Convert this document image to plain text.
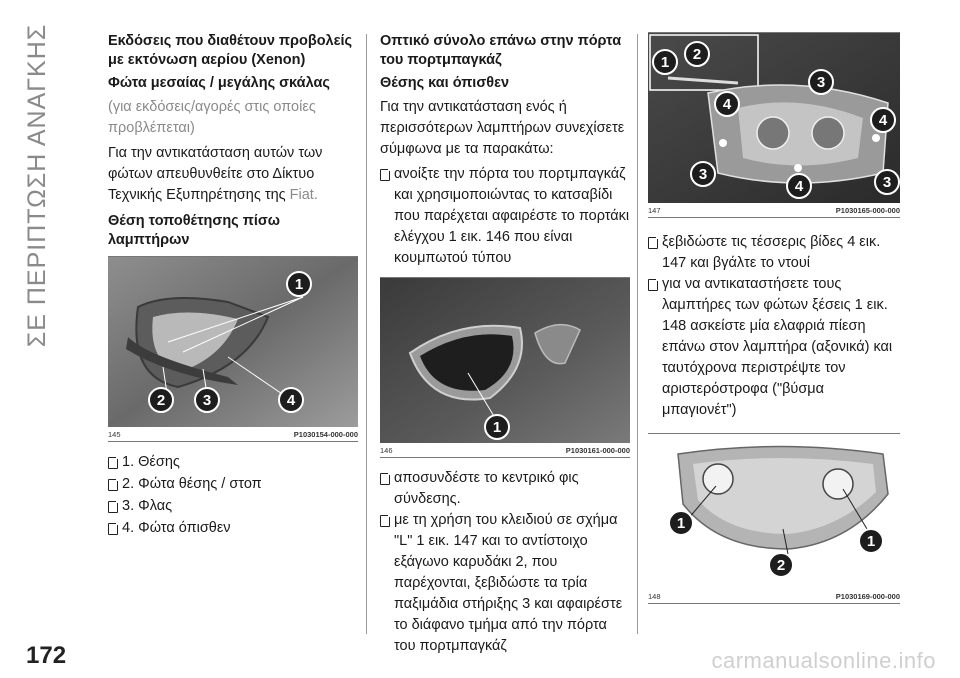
ΣΕ ΠΕΡΙΠΤΩΣΗ ΑΝΑΓΚΗΣ	Εκδόσεις που διαθέτουν προβολείς με εκτόνωση αερίου (Xenon)
Φώτα μεσαίας / μεγάλης σκάλας

(για εκδόσεις/αγορές στις οποίες προβλέπεται)

Για την αντικατάσταση αυτών των φώτων απευθυνθείτε στο Δίκτυο Τεχνικής Εξυπηρέτησης της Fiat.

Θέση τοποθέτησης πίσω λαμπτήρων
1
2	3	4
145	P1030154-000-000
1. Θέσης
2. Φώτα θέσης / στοπ
3. Φλας
4. Φώτα όπισθεν
Οπτικό σύνολο επάνω στην πόρτα του πορτμπαγκάζ
Θέσης και όπισθεν

Για την αντικατάσταση ενός ή περισσότερων λαμπτήρων συνεχίσετε σύμφωνα με τα παρακάτω:

ανοίξτε την πόρτα του πορτμπαγκάζ και χρησιμοποιώντας το κατσαβίδι που παρέχεται αφαιρέστε το πορτάκι ελέγχου 1 εικ. 146 που είναι κουμπωτού τύπου
1
146	P1030161-000-000
αποσυνδέστε το κεντρικό φις σύνδεσης.
με τη χρήση του κλειδιού σε σχήμα "L" 1 εικ. 147 και το αντίστοιχο εξάγωνο καρυδάκι 2, που παρέχονται, ξεβιδώστε τα τρία παξιμάδια στήριξης 3 και αφαιρέστε το διάφανο τμήμα από την πόρτα του πορτμπαγκάζ
1	2
3
4
4
3
4	3
147	P1030165-000-000
ξεβιδώστε τις τέσσερις βίδες 4 εικ. 147 και βγάλτε το ντουί
για να αντικαταστήσετε τους λαμπτήρες των φώτων ξέσεις 1 εικ. 148 ασκείστε μία ελαφριά πίεση επάνω στον λαμπτήρα (αξονικά) και ταυτόχρονα περιστρέψτε τον αριστερόστροφα ("βύσμα μπαγιονέτ")
1
1
2
148	P1030169-000-000
172	carmanualsonline.info
